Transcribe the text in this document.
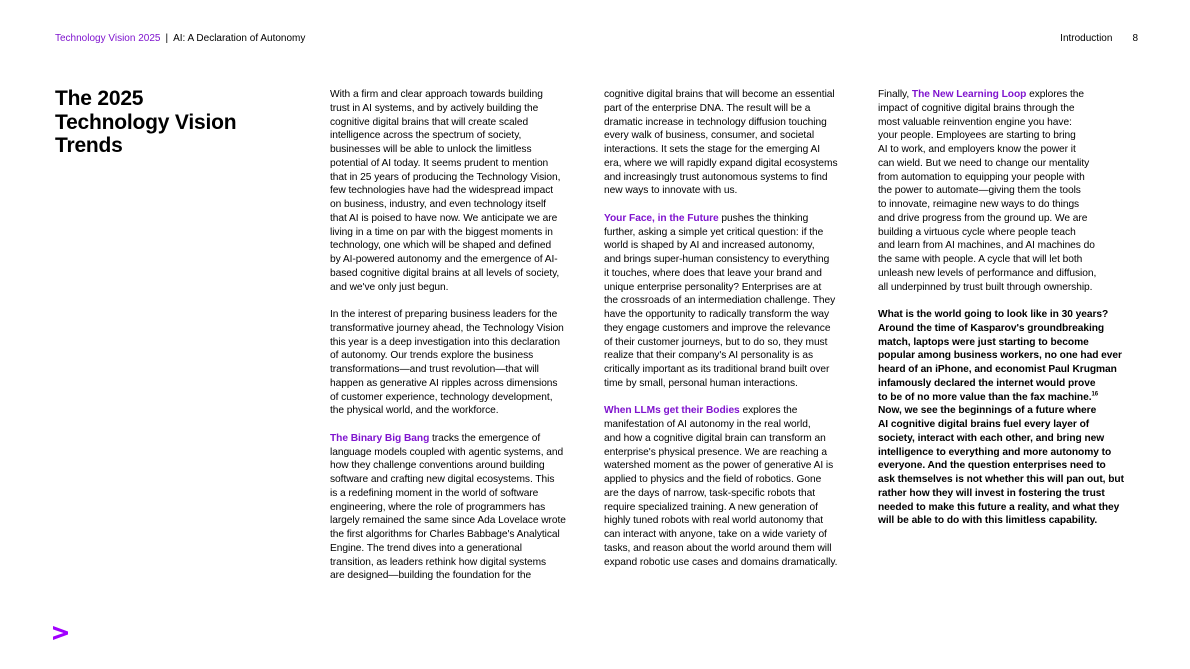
Technology Vision 2025 | AI: A Declaration of Autonomy	Introduction 8
The 2025
Technology Vision
Trends
With a firm and clear approach towards building
trust in AI systems, and by actively building the
cognitive digital brains that will create scaled
intelligence across the spectrum of society,
businesses will be able to unlock the limitless
potential of AI today. It seems prudent to mention
that in 25 years of producing the Technology Vision,
few technologies have had the widespread impact
on business, industry, and even technology itself
that AI is poised to have now. We anticipate we are
living in a time on par with the biggest moments in
technology, one which will be shaped and defined
by AI-powered autonomy and the emergence of AI-
based cognitive digital brains at all levels of society,
and we've only just begun.
In the interest of preparing business leaders for the
transformative journey ahead, the Technology Vision
this year is a deep investigation into this declaration
of autonomy. Our trends explore the business
transformations—and trust revolution—that will
happen as generative AI ripples across dimensions
of customer experience, technology development,
the physical world, and the workforce.
The Binary Big Bang tracks the emergence of
language models coupled with agentic systems, and
how they challenge conventions around building
software and crafting new digital ecosystems. This
is a redefining moment in the world of software
engineering, where the role of programmers has
largely remained the same since Ada Lovelace wrote
the first algorithms for Charles Babbage's Analytical
Engine. The trend dives into a generational
transition, as leaders rethink how digital systems
are designed—building the foundation for the
cognitive digital brains that will become an essential
part of the enterprise DNA. The result will be a
dramatic increase in technology diffusion touching
every walk of business, consumer, and societal
interactions. It sets the stage for the emerging AI
era, where we will rapidly expand digital ecosystems
and increasingly trust autonomous systems to find
new ways to innovate with us.
Your Face, in the Future pushes the thinking
further, asking a simple yet critical question: if the
world is shaped by AI and increased autonomy,
and brings super-human consistency to everything
it touches, where does that leave your brand and
unique enterprise personality? Enterprises are at
the crossroads of an intermediation challenge. They
have the opportunity to radically transform the way
they engage customers and improve the relevance
of their customer journeys, but to do so, they must
realize that their company's AI personality is as
critically important as its traditional brand built over
time by small, personal human interactions.
When LLMs get their Bodies explores the
manifestation of AI autonomy in the real world,
and how a cognitive digital brain can transform an
enterprise's physical presence. We are reaching a
watershed moment as the power of generative AI is
applied to physics and the field of robotics. Gone
are the days of narrow, task-specific robots that
require specialized training. A new generation of
highly tuned robots with real world autonomy that
can interact with anyone, take on a wide variety of
tasks, and reason about the world around them will
expand robotic use cases and domains dramatically.
Finally, The New Learning Loop explores the
impact of cognitive digital brains through the
most valuable reinvention engine you have:
your people. Employees are starting to bring
AI to work, and employers know the power it
can wield. But we need to change our mentality
from automation to equipping your people with
the power to automate—giving them the tools
to innovate, reimagine new ways to do things
and drive progress from the ground up. We are
building a virtuous cycle where people teach
and learn from AI machines, and AI machines do
the same with people. A cycle that will let both
unleash new levels of performance and diffusion,
all underpinned by trust built through ownership.
What is the world going to look like in 30 years?
Around the time of Kasparov's groundbreaking
match, laptops were just starting to become
popular among business workers, no one had ever
heard of an iPhone, and economist Paul Krugman
infamously declared the internet would prove
to be of no more value than the fax machine.$^{16}$
Now, we see the beginnings of a future where
AI cognitive digital brains fuel every layer of
society, interact with each other, and bring new
intelligence to everything and more autonomy to
everyone. And the question enterprises need to
ask themselves is not whether this will pan out, but
rather how they will invest in fostering the trust
needed to make this future a reality, and what they
will be able to do with this limitless capability.
